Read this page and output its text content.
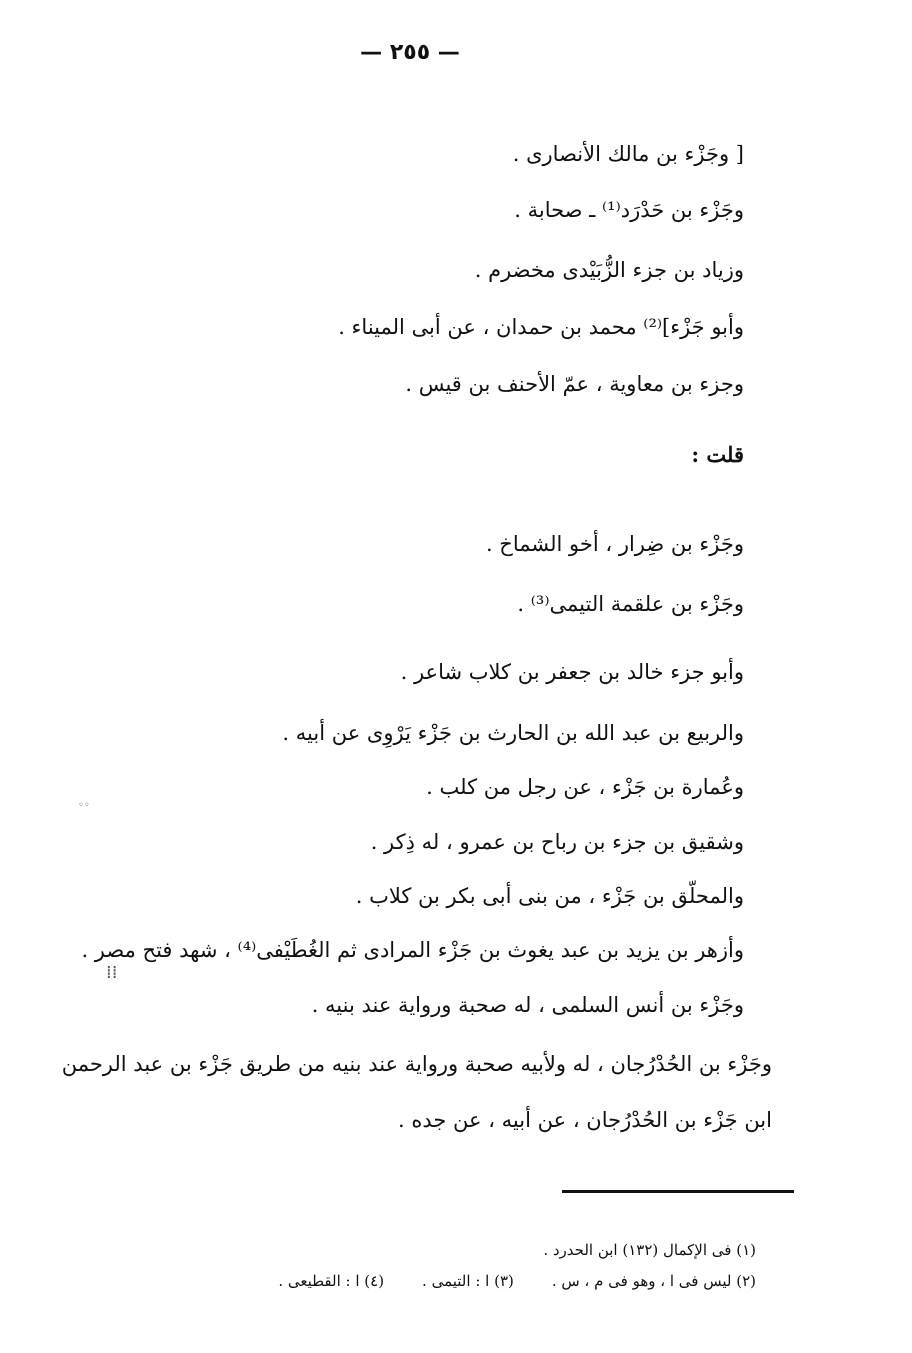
— ٢٥٥ —
[ وجَزْء بن مالك الأنصارى .
وجَزْء بن حَدْرَد⁽¹⁾ ـ صحابة .
وزياد بن جزء الزُّبَيْدى مخضرم .
وأبو جَزْء]⁽²⁾ محمد بن حمدان ، عن أبى الميناء .
وجزء بن معاوية ، عمّ الأحنف بن قيس .
قلت :
وجَزْء بن ضِرار ، أخو الشماخ .
وجَزْء بن علقمة التيمى⁽³⁾ .
وأبو جزء خالد بن جعفر بن كلاب شاعر .
والربيع بن عبد الله بن الحارث بن جَزْء يَرْوِى عن أبيه .
وعُمارة بن جَزْء ، عن رجل من كلب .
وشقيق بن جزء بن رباح بن عمرو ، له ذِكر .
والمحلّق بن جَزْء ، من بنى أبى بكر بن كلاب .
وأزهر بن يزيد بن عبد يغوث بن جَزْء المرادى ثم الغُطَيْفى⁽⁴⁾ ، شهد فتح مصر .
وجَزْء بن أنس السلمى ، له صحبة ورواية عند بنيه .
وجَزْء بن الحُدْرُجان ، له ولأبيه صحبة ورواية عند بنيه من طريق جَزْء بن عبد الرحمن
ابن جَزْء بن الحُدْرُجان ، عن أبيه ، عن جده .
◦◦
⁞⁞
(١) فى الإكمال (١٣٢) ابن الحدرد .
(٢) ليس فى ا ، وهو فى م ، س .(٣) ا : التيمى .(٤) ا : القطيعى .
